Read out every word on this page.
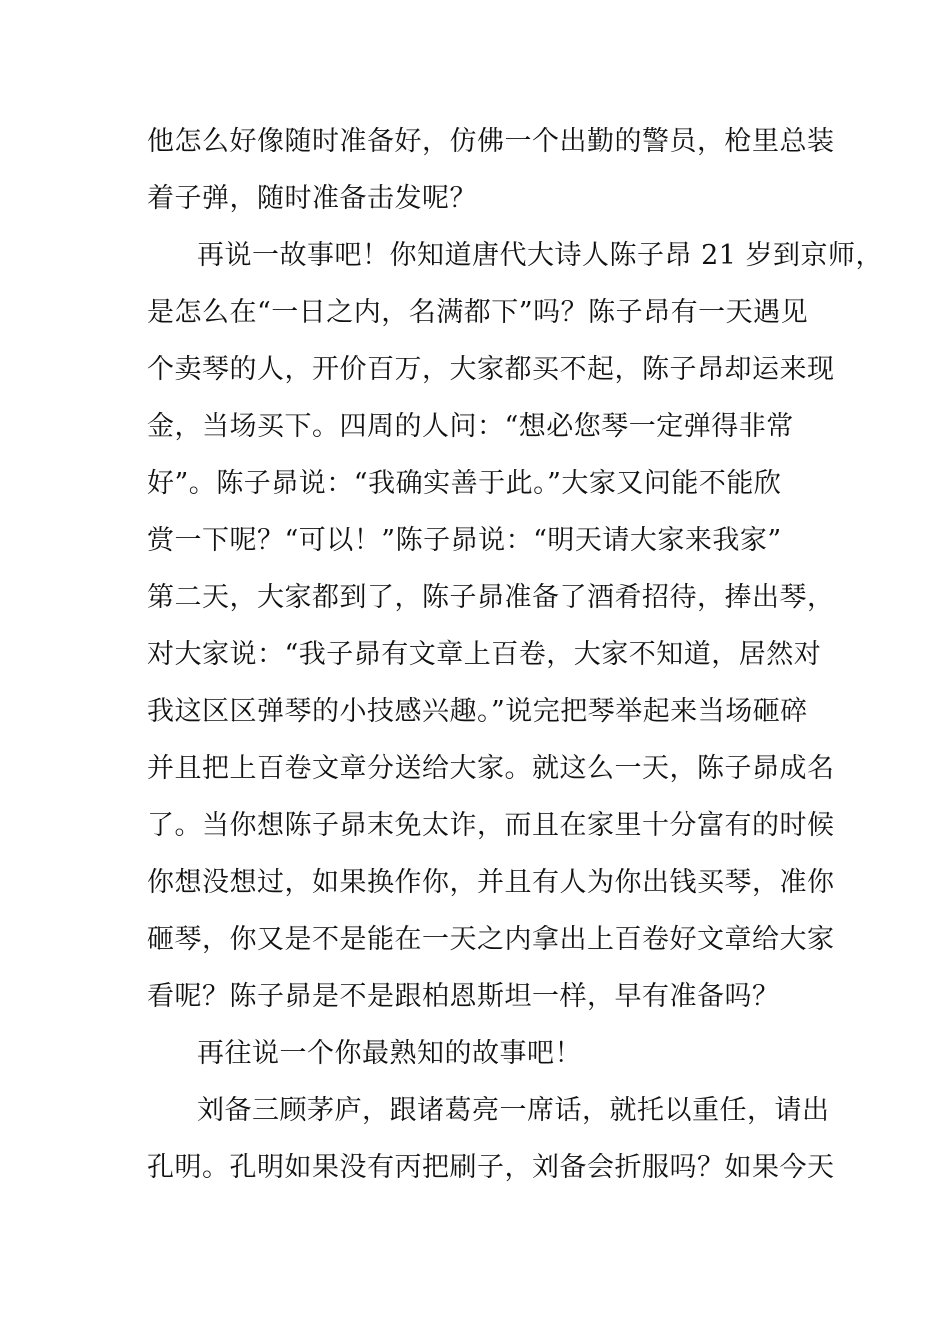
他怎么好像随时准备好，仿佛一个出勤的警员，枪里总装
着子弹，随时准备击发呢？
再说一故事吧！你知道唐代大诗人陈子昂 21 岁到京师，
是怎么在“一日之内，名满都下”吗？陈子昂有一天遇见
个卖琴的人，开价百万，大家都买不起，陈子昂却运来现
金，当场买下。四周的人问：“想必您琴一定弹得非常
好”。陈子昴说：“我确实善于此。”大家又问能不能欣
赏一下呢？“可以！”陈子昴说：“明天请大家来我家”
第二天，大家都到了，陈子昴准备了酒肴招待，捧出琴，
对大家说：“我子昴有文章上百卷，大家不知道，居然对
我这区区弹琴的小技感兴趣。”说完把琴举起来当场砸碎
并且把上百卷文章分送给大家。就这么一天，陈子昴成名
了。当你想陈子昴末免太诈，而且在家里十分富有的时候
你想没想过，如果换作你，并且有人为你出钱买琴，准你
砸琴，你又是不是能在一天之内拿出上百卷好文章给大家
看呢？陈子昴是不是跟柏恩斯坦一样，早有准备吗？
再往说一个你最熟知的故事吧！
刘备三顾茅庐，跟诸葛亮一席话，就托以重任，请出
孔明。孔明如果没有丙把刷子，刘备会折服吗？如果今天
